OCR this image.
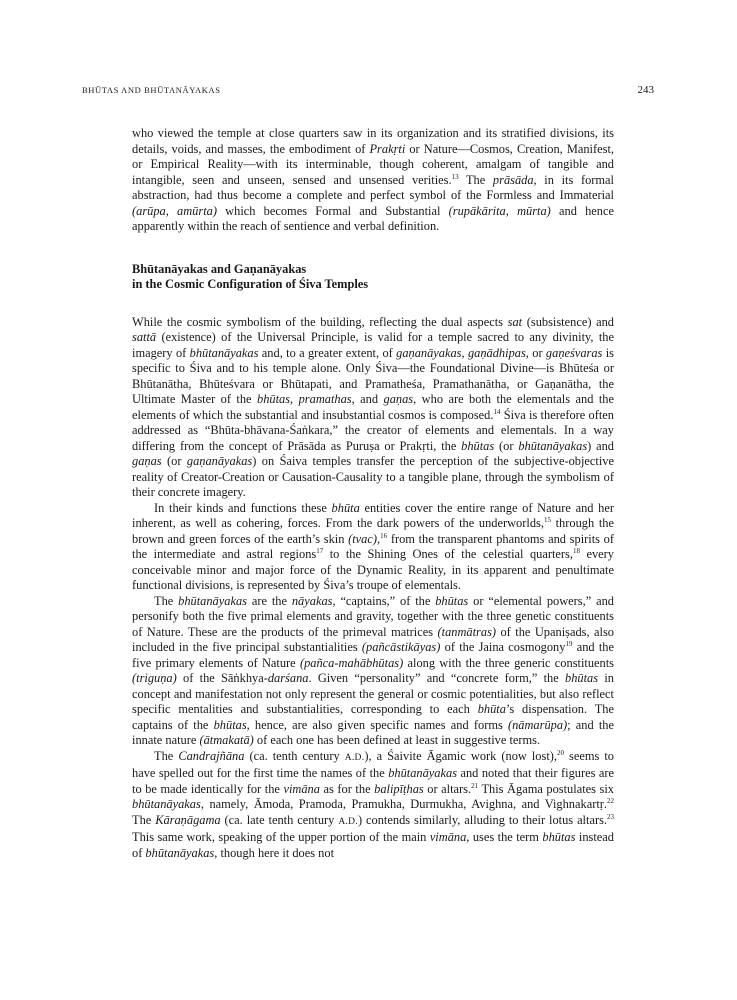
BHŪTAS AND BHŪTANĀYAKAS	243

who viewed the temple at close quarters saw in its organization and its stratified divisions, its details, voids, and masses, the embodiment of Prakṛti or Nature—Cosmos, Creation, Manifest, or Empirical Reality—with its interminable, though coherent, amalgam of tangible and intangible, seen and unseen, sensed and unsensed verities.$^{13}$ The prāsāda, in its formal abstraction, had thus become a complete and perfect symbol of the Formless and Immaterial (arūpa, amūrta) which becomes Formal and Substantial (rupākārita, mūrta) and hence apparently within the reach of sentience and verbal definition.

Bhūtanāyakas and Gaṇanāyakas
in the Cosmic Configuration of Śiva Temples

While the cosmic symbolism of the building, reflecting the dual aspects sat (subsistence) and sattā (existence) of the Universal Principle, is valid for a temple sacred to any divinity, the imagery of bhūtanāyakas and, to a greater extent, of gaṇanāyakas, gaṇādhipas, or gaṇeśvaras is specific to Śiva and to his temple alone. Only Śiva—the Foundational Divine—is Bhūteśa or Bhūtanātha, Bhūteśvara or Bhūtapati, and Pramatheśa, Pramathanātha, or Gaṇanātha, the Ultimate Master of the bhūtas, pramathas, and gaṇas, who are both the elementals and the elements of which the substantial and insubstantial cosmos is composed.$^{14}$ Śiva is therefore often addressed as “Bhūta-bhāvana-Śaṅkara,” the creator of elements and elementals. In a way differing from the concept of Prāsāda as Puruṣa or Prakṛti, the bhūtas (or bhūtanāyakas) and gaṇas (or gaṇanāyakas) on Śaiva temples transfer the perception of the subjective-objective reality of Creator-Creation or Causation-Causality to a tangible plane, through the symbolism of their concrete imagery.

In their kinds and functions these bhūta entities cover the entire range of Nature and her inherent, as well as cohering, forces. From the dark powers of the underworlds,$^{15}$ through the brown and green forces of the earth’s skin (tvac),$^{16}$ from the transparent phantoms and spirits of the intermediate and astral regions$^{17}$ to the Shining Ones of the celestial quarters,$^{18}$ every conceivable minor and major force of the Dynamic Reality, in its apparent and penultimate functional divisions, is represented by Śiva’s troupe of elementals.

The bhūtanāyakas are the nāyakas, “captains,” of the bhūtas or “elemental powers,” and personify both the five primal elements and gravity, together with the three genetic constituents of Nature. These are the products of the primeval matrices (tanmātras) of the Upaniṣads, also included in the five principal substantialities (pañcāstikāyas) of the Jaina cosmogony$^{19}$ and the five primary elements of Nature (pañca-mahābhūtas) along with the three generic constituents (triguṇa) of the Sāṅkhya-darśana. Given “personality” and “concrete form,” the bhūtas in concept and manifestation not only represent the general or cosmic potentialities, but also reflect specific mentalities and substantialities, corresponding to each bhūta’s dispensation. The captains of the bhūtas, hence, are also given specific names and forms (nāmarūpa); and the innate nature (ātmakatā) of each one has been defined at least in suggestive terms.

The Candrajñāna (ca. tenth century A.D.), a Śaivite Āgamic work (now lost),$^{20}$ seems to have spelled out for the first time the names of the bhūtanāyakas and noted that their figures are to be made identically for the vimāna as for the balipīṭhas or altars.$^{21}$ This Āgama postulates six bhūtanāyakas, namely, Āmoda, Pramoda, Pramukha, Durmukha, Avighna, and Vighnakartṛ.$^{22}$ The Kāraṇāgama (ca. late tenth century A.D.) contends similarly, alluding to their lotus altars.$^{23}$ This same work, speaking of the upper portion of the main vimāna, uses the term bhūtas instead of bhūtanāyakas, though here it does not
